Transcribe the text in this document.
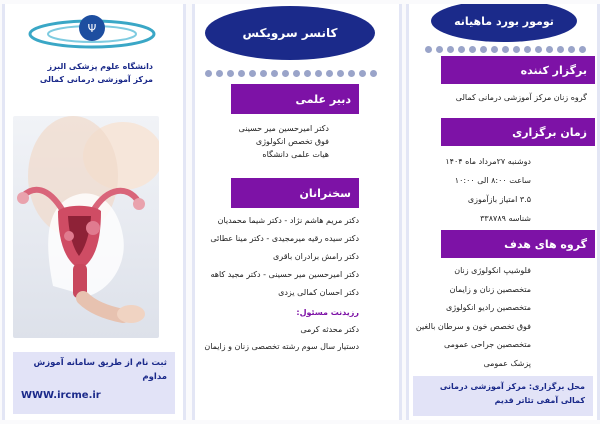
Ψ
دانشگاه علوم پزشکی البرز
مرکز آموزشی درمانی کمالی
ثبت نام از طریق سامانه آموزش مداوم
WWW.ircme.ir
کانسر سرویکس
دبیر علمی
دکتر امیرحسین میر حسینی
فوق تخصص انکولوژی
هیات علمی دانشگاه
سخنرانان
دکتر مریم هاشم نژاد - دکتر شیما محمدیان
دکتر سیده رقیه میرمجیدی - دکتر مینا عطائی
دکتر رامش برادران باقری
دکتر امیرحسین میر حسینی - دکتر مجید کاهه
دکتر احسان کمالی یزدی
رزیدنت مسئول:
دکتر محدثه کرمی
دستیار سال سوم رشته تخصصی زنان و زایمان
تومور بورد ماهیانه
برگزار کننده
گروه زنان مرکز آموزشی درمانی کمالی
زمان برگزاری
دوشنبه ۲۷مرداد ماه ۱۴۰۴
ساعت ۸:۰۰ الی ۱۰:۰۰
۳.۵ امتیاز بازآموزی
شناسه ۳۳۸۷۸۹
گروه های هدف
فلوشیپ انکولوژی زنان
متخصصین زنان و زایمان
متخصصین رادیو انکولوژی
فوق تخصص خون و سرطان بالغین
متخصصین جراحی عمومی
پزشک عمومی
محل برگزاری: مرکز آموزشی درمانی کمالی آمفی تئاتر قدیم
